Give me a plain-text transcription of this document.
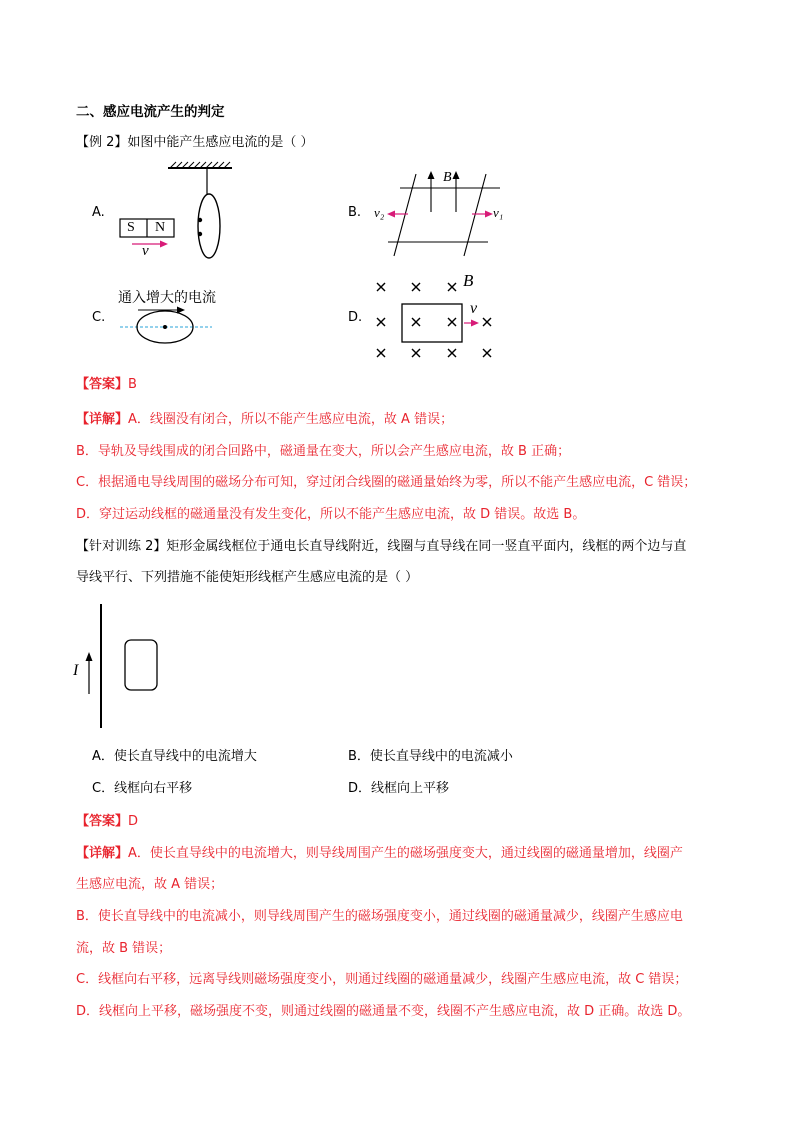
二、感应电流产生的判定
【例 2】如图中能产生感应电流的是（ ）
A.	B.
C.	D.
S N
v
B
v₂	v₁
通入增大的电流
B
v
【答案】B
【详解】A．线圈没有闭合，所以不能产生感应电流，故 A 错误；
B．导轨及导线围成的闭合回路中，磁通量在变大，所以会产生感应电流，故 B 正确；
C．根据通电导线周围的磁场分布可知，穿过闭合线圈的磁通量始终为零，所以不能产生感应电流，C 错误；
D．穿过运动线框的磁通量没有发生变化，所以不能产生感应电流，故 D 错误。故选 B。
【针对训练 2】矩形金属线框位于通电长直导线附近，线圈与直导线在同一竖直平面内，线框的两个边与直
导线平行、下列措施不能使矩形线框产生感应电流的是（ ）
I
A．使长直导线中的电流增大	B．使长直导线中的电流减小
C．线框向右平移	D．线框向上平移
【答案】D
【详解】A．使长直导线中的电流增大，则导线周围产生的磁场强度变大，通过线圈的磁通量增加，线圈产
生感应电流，故 A 错误；
B．使长直导线中的电流减小，则导线周围产生的磁场强度变小，通过线圈的磁通量减少，线圈产生感应电
流，故 B 错误；
C．线框向右平移，远离导线则磁场强度变小，则通过线圈的磁通量减少，线圈产生感应电流，故 C 错误；
D．线框向上平移，磁场强度不变，则通过线圈的磁通量不变，线圈不产生感应电流，故 D 正确。故选 D。
